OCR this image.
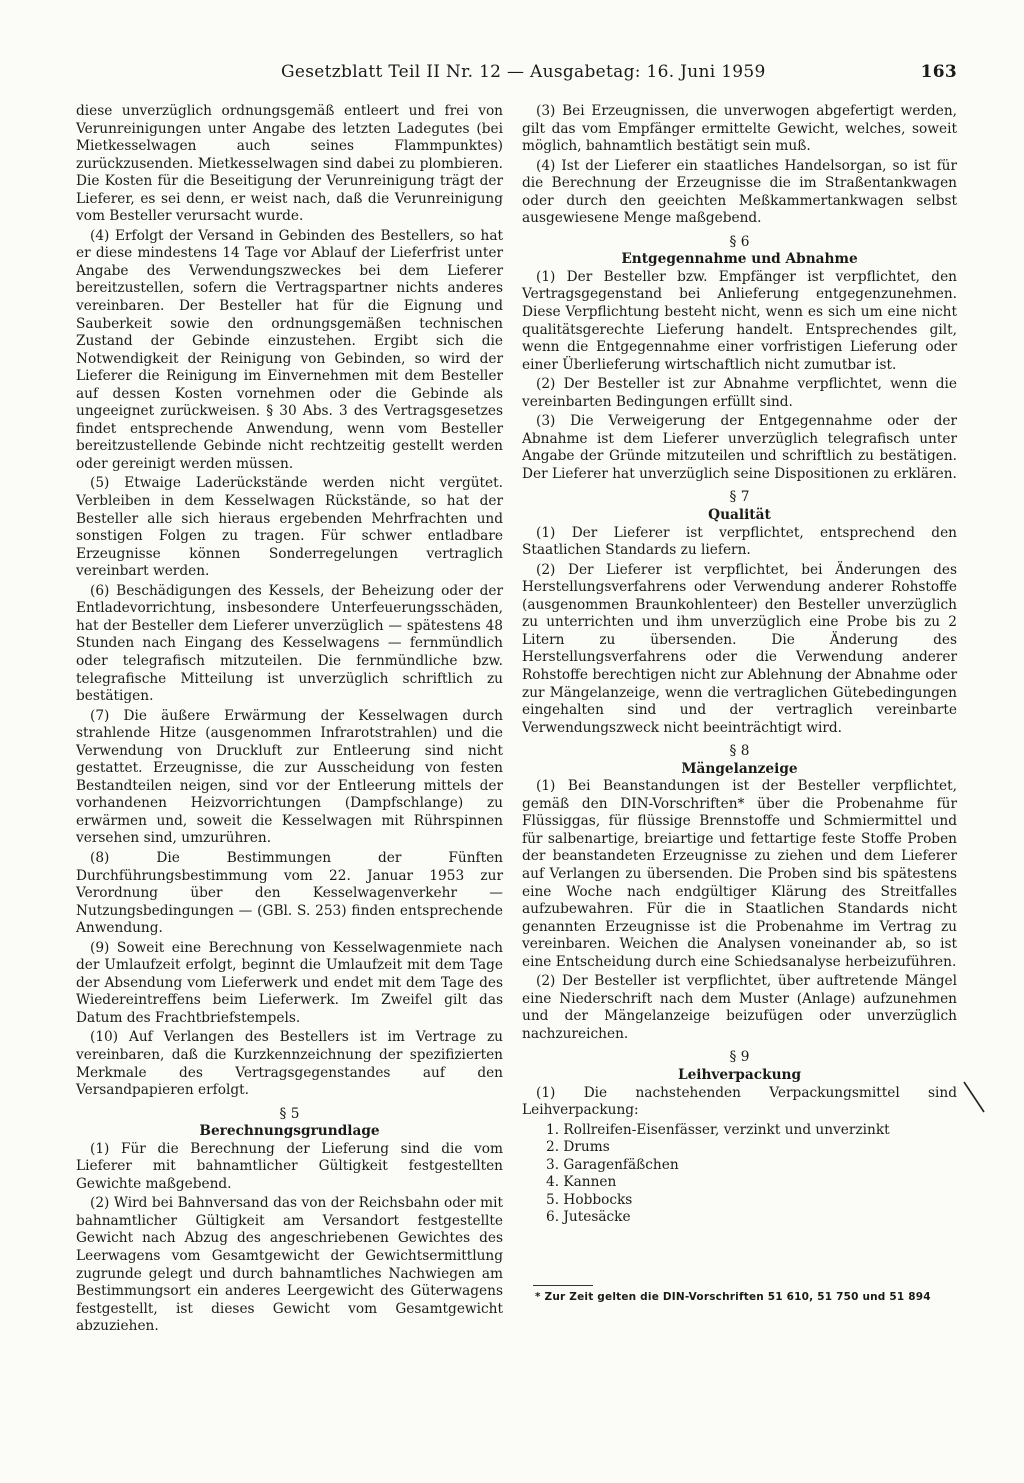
Gesetzblatt Teil II Nr. 12 — Ausgabetag: 16. Juni 1959	163

diese unverzüglich ordnungsgemäß entleert und frei von Verunreinigungen unter Angabe des letzten Ladegutes (bei Mietkesselwagen auch seines Flammpunktes) zurückzusenden. Mietkesselwagen sind dabei zu plombieren. Die Kosten für die Beseitigung der Verunreinigung trägt der Lieferer, es sei denn, er weist nach, daß die Verunreinigung vom Besteller verursacht wurde.

(4) Erfolgt der Versand in Gebinden des Bestellers, so hat er diese mindestens 14 Tage vor Ablauf der Lieferfrist unter Angabe des Verwendungszweckes bei dem Lieferer bereitzustellen, sofern die Vertragspartner nichts anderes vereinbaren. Der Besteller hat für die Eignung und Sauberkeit sowie den ordnungsgemäßen technischen Zustand der Gebinde einzustehen. Ergibt sich die Notwendigkeit der Reinigung von Gebinden, so wird der Lieferer die Reinigung im Einvernehmen mit dem Besteller auf dessen Kosten vornehmen oder die Gebinde als ungeeignet zurückweisen. § 30 Abs. 3 des Vertragsgesetzes findet entsprechende Anwendung, wenn vom Besteller bereitzustellende Gebinde nicht rechtzeitig gestellt werden oder gereinigt werden müssen.

(5) Etwaige Laderückstände werden nicht vergütet. Verbleiben in dem Kesselwagen Rückstände, so hat der Besteller alle sich hieraus ergebenden Mehrfrachten und sonstigen Folgen zu tragen. Für schwer entladbare Erzeugnisse können Sonderregelungen vertraglich vereinbart werden.

(6) Beschädigungen des Kessels, der Beheizung oder der Entladevorrichtung, insbesondere Unterfeuerungsschäden, hat der Besteller dem Lieferer unverzüglich — spätestens 48 Stunden nach Eingang des Kesselwagens — fernmündlich oder telegrafisch mitzuteilen. Die fernmündliche bzw. telegrafische Mitteilung ist unverzüglich schriftlich zu bestätigen.

(7) Die äußere Erwärmung der Kesselwagen durch strahlende Hitze (ausgenommen Infrarotstrahlen) und die Verwendung von Druckluft zur Entleerung sind nicht gestattet. Erzeugnisse, die zur Ausscheidung von festen Bestandteilen neigen, sind vor der Entleerung mittels der vorhandenen Heizvorrichtungen (Dampfschlange) zu erwärmen und, soweit die Kesselwagen mit Rührspinnen versehen sind, umzurühren.

(8) Die Bestimmungen der Fünften Durchführungsbestimmung vom 22. Januar 1953 zur Verordnung über den Kesselwagenverkehr — Nutzungsbedingungen — (GBl. S. 253) finden entsprechende Anwendung.

(9) Soweit eine Berechnung von Kesselwagenmiete nach der Umlaufzeit erfolgt, beginnt die Umlaufzeit mit dem Tage der Absendung vom Lieferwerk und endet mit dem Tage des Wiedereintreffens beim Lieferwerk. Im Zweifel gilt das Datum des Frachtbriefstempels.

(10) Auf Verlangen des Bestellers ist im Vertrage zu vereinbaren, daß die Kurzkennzeichnung der spezifizierten Merkmale des Vertragsgegenstandes auf den Versandpapieren erfolgt.

§ 5
Berechnungsgrundlage

(1) Für die Berechnung der Lieferung sind die vom Lieferer mit bahnamtlicher Gültigkeit festgestellten Gewichte maßgebend.

(2) Wird bei Bahnversand das von der Reichsbahn oder mit bahnamtlicher Gültigkeit am Versandort festgestellte Gewicht nach Abzug des angeschriebenen Gewichtes des Leerwagens vom Gesamtgewicht der Gewichtsermittlung zugrunde gelegt und durch bahnamtliches Nachwiegen am Bestimmungsort ein anderes Leergewicht des Güterwagens festgestellt, ist dieses Gewicht vom Gesamtgewicht abzuziehen.

(3) Bei Erzeugnissen, die unverwogen abgefertigt werden, gilt das vom Empfänger ermittelte Gewicht, welches, soweit möglich, bahnamtlich bestätigt sein muß.

(4) Ist der Lieferer ein staatliches Handelsorgan, so ist für die Berechnung der Erzeugnisse die im Straßentankwagen oder durch den geeichten Meßkammertankwagen selbst ausgewiesene Menge maßgebend.

§ 6
Entgegennahme und Abnahme

(1) Der Besteller bzw. Empfänger ist verpflichtet, den Vertragsgegenstand bei Anlieferung entgegenzunehmen. Diese Verpflichtung besteht nicht, wenn es sich um eine nicht qualitätsgerechte Lieferung handelt. Entsprechendes gilt, wenn die Entgegennahme einer vorfristigen Lieferung oder einer Überlieferung wirtschaftlich nicht zumutbar ist.

(2) Der Besteller ist zur Abnahme verpflichtet, wenn die vereinbarten Bedingungen erfüllt sind.

(3) Die Verweigerung der Entgegennahme oder der Abnahme ist dem Lieferer unverzüglich telegrafisch unter Angabe der Gründe mitzuteilen und schriftlich zu bestätigen. Der Lieferer hat unverzüglich seine Dispositionen zu erklären.

§ 7
Qualität

(1) Der Lieferer ist verpflichtet, entsprechend den Staatlichen Standards zu liefern.

(2) Der Lieferer ist verpflichtet, bei Änderungen des Herstellungsverfahrens oder Verwendung anderer Rohstoffe (ausgenommen Braunkohlenteer) den Besteller unverzüglich zu unterrichten und ihm unverzüglich eine Probe bis zu 2 Litern zu übersenden. Die Änderung des Herstellungsverfahrens oder die Verwendung anderer Rohstoffe berechtigen nicht zur Ablehnung der Abnahme oder zur Mängelanzeige, wenn die vertraglichen Gütebedingungen eingehalten sind und der vertraglich vereinbarte Verwendungszweck nicht beeinträchtigt wird.

§ 8
Mängelanzeige

(1) Bei Beanstandungen ist der Besteller verpflichtet, gemäß den DIN-Vorschriften* über die Probenahme für Flüssiggas, für flüssige Brennstoffe und Schmiermittel und für salbenartige, breiartige und fettartige feste Stoffe Proben der beanstandeten Erzeugnisse zu ziehen und dem Lieferer auf Verlangen zu übersenden. Die Proben sind bis spätestens eine Woche nach endgültiger Klärung des Streitfalles aufzubewahren. Für die in Staatlichen Standards nicht genannten Erzeugnisse ist die Probenahme im Vertrag zu vereinbaren. Weichen die Analysen voneinander ab, so ist eine Entscheidung durch eine Schiedsanalyse herbeizuführen.

(2) Der Besteller ist verpflichtet, über auftretende Mängel eine Niederschrift nach dem Muster (Anlage) aufzunehmen und der Mängelanzeige beizufügen oder unverzüglich nachzureichen.

§ 9
Leihverpackung

(1) Die nachstehenden Verpackungsmittel sind Leihverpackung:

1. Rollreifen-Eisenfässer, verzinkt und unverzinkt
2. Drums
3. Garagenfäßchen
4. Kannen
5. Hobbocks
6. Jutesäcke
* Zur Zeit gelten die DIN-Vorschriften 51 610, 51 750 und 51 894
